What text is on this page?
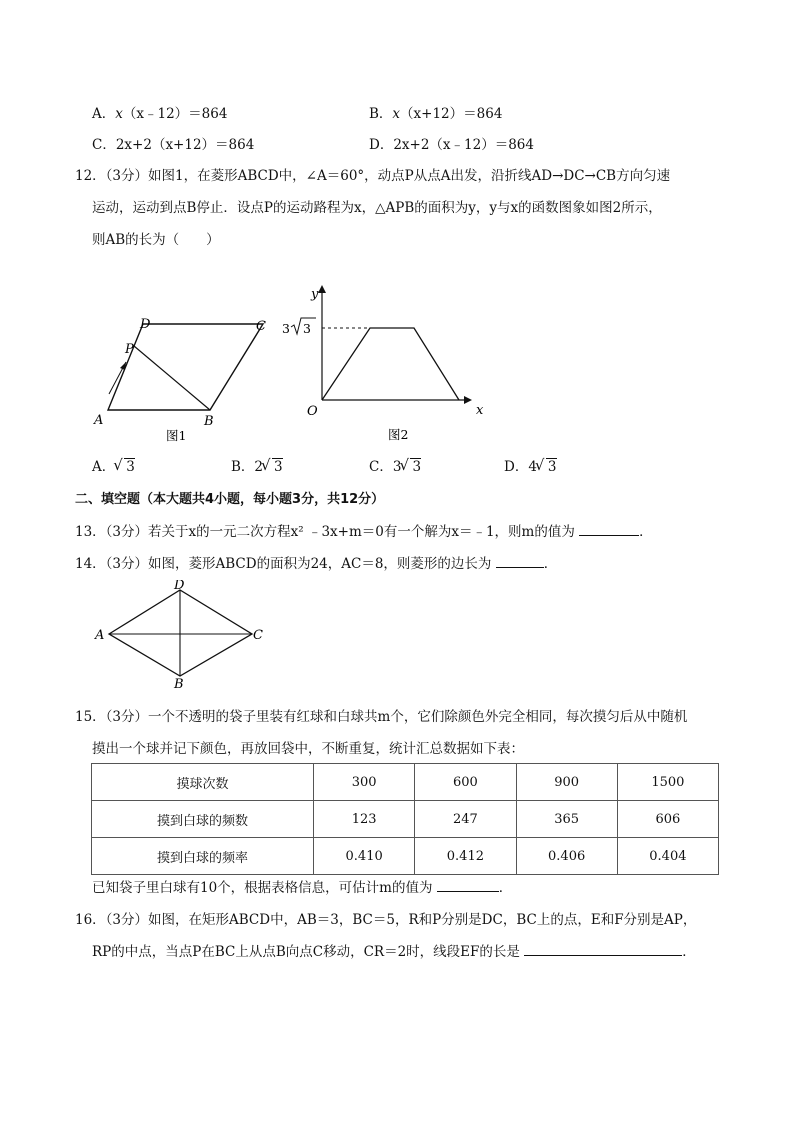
A．x（x﹣12）＝864	B．x（x+12）＝864
C．2x+2（x+12）＝864	D．2x+2（x﹣12）＝864
12．（3分）如图1，在菱形ABCD中，∠A＝60°，动点P从点A出发，沿折线AD→DC→CB方向匀速
运动，运动到点B停止．设点P的运动路程为x，△APB的面积为y，y与x的函数图象如图2所示，
则AB的长为（　　）
A	B
C
D
P
图1
y
x
O
3 3
图2
A．
√ 3	B．2
√ 3	C．3
√ 3	D．4
√ 3
二、填空题（本大题共4小题，每小题3分，共12分）
13．（3分）若关于x的一元二次方程x² ﹣3x+m＝0有一个解为x＝﹣1，则m的值为	．
14．（3分）如图，菱形ABCD的面积为24，AC＝8，则菱形的边长为	．
A	C
D
B
15．（3分）一个不透明的袋子里装有红球和白球共m个，它们除颜色外完全相同，每次摸匀后从中随机
摸出一个球并记下颜色，再放回袋中，不断重复，统计汇总数据如下表：
摸球次数	300	600	900	1500
摸到白球的频数	123	247	365	606
摸到白球的频率	0.410	0.412	0.406	0.404
已知袋子里白球有10个，根据表格信息，可估计m的值为	．
16．（3分）如图，在矩形ABCD中，AB＝3，BC＝5，R和P分别是DC，BC上的点，E和F分别是AP，
RP的中点，当点P在BC上从点B向点C移动，CR＝2时，线段EF的长是	．
